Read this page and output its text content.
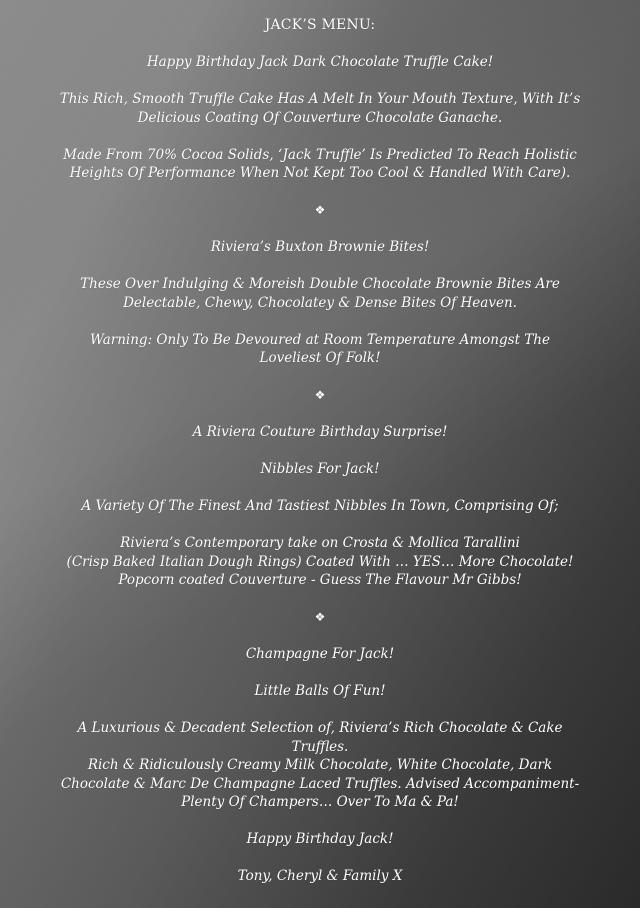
JACK’S MENU:

Happy Birthday Jack Dark Chocolate Truffle Cake!

This Rich, Smooth Truffle Cake Has A Melt In Your Mouth Texture, With It’s
Delicious Coating Of Couverture Chocolate Ganache.

Made From 70% Cocoa Solids, ‘Jack Truffle’ Is Predicted To Reach Holistic
Heights Of Performance When Not Kept Too Cool & Handled With Care).

❖

Riviera’s Buxton Brownie Bites!

These Over Indulging & Moreish Double Chocolate Brownie Bites Are
Delectable, Chewy, Chocolatey & Dense Bites Of Heaven.

Warning: Only To Be Devoured at Room Temperature Amongst The
Loveliest Of Folk!

❖

A Riviera Couture Birthday Surprise!

Nibbles For Jack!

A Variety Of The Finest And Tastiest Nibbles In Town, Comprising Of;

Riviera’s Contemporary take on Crosta & Mollica Tarallini
(Crisp Baked Italian Dough Rings) Coated With … YES… More Chocolate!
Popcorn coated Couverture - Guess The Flavour Mr Gibbs!

❖

Champagne For Jack!

Little Balls Of Fun!

A Luxurious & Decadent Selection of, Riviera’s Rich Chocolate & Cake
Truffles.
Rich & Ridiculously Creamy Milk Chocolate, White Chocolate, Dark
Chocolate & Marc De Champagne Laced Truffles. Advised Accompaniment-
Plenty Of Champers… Over To Ma & Pa!

Happy Birthday Jack!

Tony, Cheryl & Family X
